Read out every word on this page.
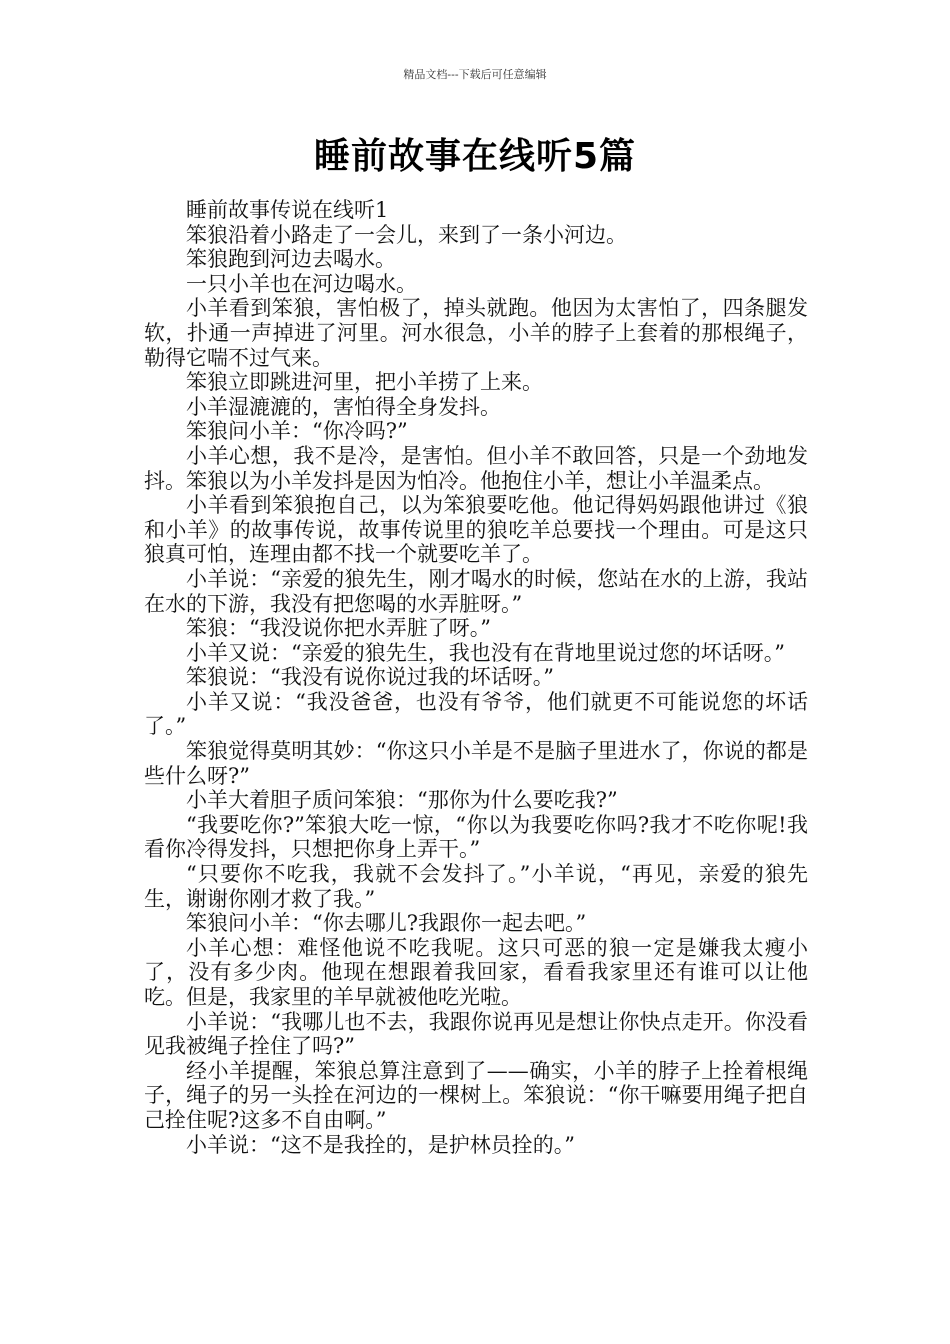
精品文档---下载后可任意编辑
睡前故事在线听5篇

睡前故事传说在线听1

笨狼沿着小路走了一会儿，来到了一条小河边。

笨狼跑到河边去喝水。

一只小羊也在河边喝水。

小羊看到笨狼，害怕极了，掉头就跑。他因为太害怕了，四条腿发软，扑通一声掉进了河里。河水很急，小羊的脖子上套着的那根绳子，勒得它喘不过气来。

笨狼立即跳进河里，把小羊捞了上来。

小羊湿漉漉的，害怕得全身发抖。

笨狼问小羊：“你冷吗?”

小羊心想，我不是冷，是害怕。但小羊不敢回答，只是一个劲地发抖。笨狼以为小羊发抖是因为怕冷。他抱住小羊，想让小羊温柔点。

小羊看到笨狼抱自己，以为笨狼要吃他。他记得妈妈跟他讲过《狼和小羊》的故事传说，故事传说里的狼吃羊总要找一个理由。可是这只狼真可怕，连理由都不找一个就要吃羊了。

小羊说：“亲爱的狼先生，刚才喝水的时候，您站在水的上游，我站在水的下游，我没有把您喝的水弄脏呀。”

笨狼：“我没说你把水弄脏了呀。”

小羊又说：“亲爱的狼先生，我也没有在背地里说过您的坏话呀。”

笨狼说：“我没有说你说过我的坏话呀。”

小羊又说：“我没爸爸，也没有爷爷，他们就更不可能说您的坏话了。”

笨狼觉得莫明其妙：“你这只小羊是不是脑子里进水了，你说的都是些什么呀?”

小羊大着胆子质问笨狼：“那你为什么要吃我?”

“我要吃你?”笨狼大吃一惊，“你以为我要吃你吗?我才不吃你呢!我看你冷得发抖，只想把你身上弄干。”

“只要你不吃我，我就不会发抖了。”小羊说，“再见，亲爱的狼先生，谢谢你刚才救了我。”

笨狼问小羊：“你去哪儿?我跟你一起去吧。”

小羊心想：难怪他说不吃我呢。这只可恶的狼一定是嫌我太瘦小了，没有多少肉。他现在想跟着我回家，看看我家里还有谁可以让他吃。但是，我家里的羊早就被他吃光啦。

小羊说：“我哪儿也不去，我跟你说再见是想让你快点走开。你没看见我被绳子拴住了吗?”

经小羊提醒，笨狼总算注意到了——确实，小羊的脖子上拴着根绳子，绳子的另一头拴在河边的一棵树上。笨狼说：“你干嘛要用绳子把自己拴住呢?这多不自由啊。”

小羊说：“这不是我拴的，是护林员拴的。”
